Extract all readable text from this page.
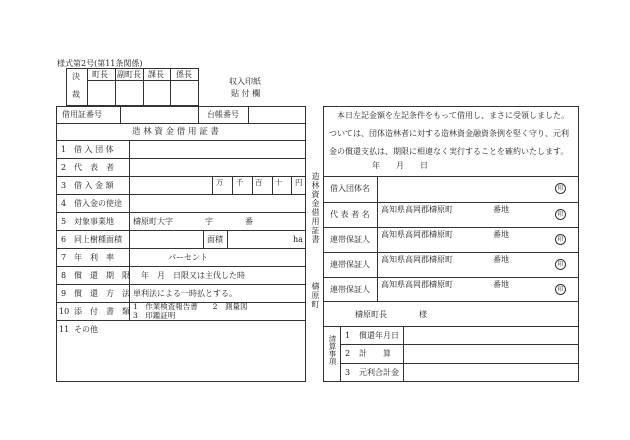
様式第2号(第11条関係)
決
裁
町長 副町長 課長 係長
収入印紙
貼 付 欄
借用証番号	台帳番号
造 林 資 金 借 用 証 書
1 借 入 団 体
2 代　表　者
3 借 入 金 額
4 借入金の使途
5 対象事業地
6 同上樹種面積
7 年　利　率
8 償　還　期　限
9 償　還　方　法
10 添　付　書　類
11 その他
万 千 百 十 円
檮原町大字　　　　宇　　　　番
面積	ha
パーセント
　年　月　日限又は主伐した時
単利法による一時払とする。
1　作業検査報告書　　2　測量図
3　印鑑証明
造林資金借用証書
檮原町
本日左記金額を左記条件をもって借用し、まさに受領しました。
ついては、団体造林者に対する造林資金融資条例を堅く守り、元利
金の償還支払は、期限に相違なく実行することを確約いたします。
年　　月　　日
借入団体名
代 表 者 名
連帯保証人
連帯保証人
連帯保証人
高知県高岡郡檮原町　　　　　番地
高知県高岡郡檮原町　　　　　番地
高知県高岡郡檮原町　　　　　番地
高知県高岡郡檮原町　　　　　番地
印
印
印
印
印
檮原町長　　　　様
清算事項 1 償還年月日
2 計　　算
3 元利合計金
